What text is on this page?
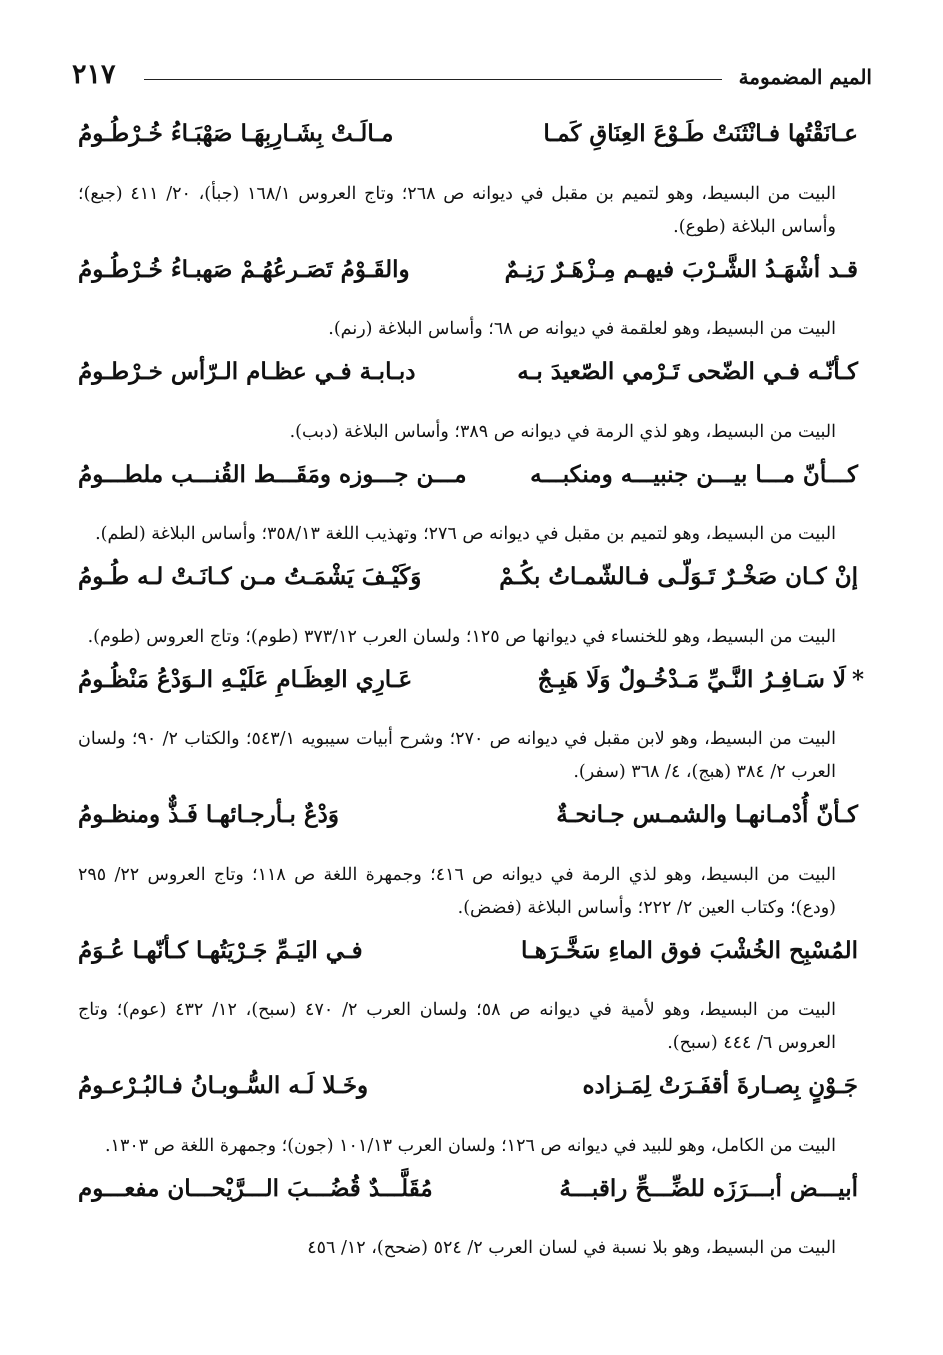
٢١٧	الميم المضمومة
عـانَقْتُها فـانْثَنَتْ طَـوْعَ العِنَاقِ كَمـا
مـالَـتْ بِشَـارِبِهَـا صَهْبَـاءُ خُـرْطُـومُ

البيت من البسيط، وهو لتميم بن مقبل في ديوانه ص ٢٦٨؛ وتاج العروس ١٦٨/١ (جبأ)، ٢٠/ ٤١١ (جبع)؛ وأساس البلاغة (طوع).

قـد أشْهَـدُ الشَّـرْبَ فيهـم مِـزْهَـرٌ رَنِـمٌ
والقَـوْمُ تَصَـرعُهُـمْ صَهبـاءُ خُـرْطُـومُ

البيت من البسيط، وهو لعلقمة في ديوانه ص ٦٨؛ وأساس البلاغة (رنم).

كـأنّـه فـي الضّحى تَـرْمي الصّعيدَ بـه
دبـابـة فـي عظـام الـرّأس خـرْطـومُ

البيت من البسيط، وهو لذي الرمة في ديوانه ص ٣٨٩؛ وأساس البلاغة (دبب).

كـــأنّ مـــا بيـــن جنبيـــه ومنكبـــه
مـــن جـــوزه ومَقَـــط القُنـــب ملطـــومُ

البيت من البسيط، وهو لتميم بن مقبل في ديوانه ص ٢٧٦؛ وتهذيب اللغة ٣٥٨/١٣؛ وأساس البلاغة (لطم).

إنْ كـان صَخْـرٌ تَـوَلّـى فـالشّمـاتُ بكُـمْ
وَكَيْـفَ يَشْمَـتُ مـن كـانَـتْ لـه طُـومُ

البيت من البسيط، وهو للخنساء في ديوانها ص ١٢٥؛ ولسان العرب ٣٧٣/١٢ (طوم)؛ وتاج العروس (طوم).

*لَا سَـافِـرُ النَّـيِّ مَـدْخُـولٌ وَلَا هَبِـجٌ
عَـارِي العِظَـامِ عَلَيْـهِ الـوَدْعُ مَنْظُـومُ

البيت من البسيط، وهو لابن مقبل في ديوانه ص ٢٧٠؛ وشرح أبيات سيبويه ٥٤٣/١؛ والكتاب ٢/ ٩٠؛ ولسان العرب ٢/ ٣٨٤ (هبج)، ٤/ ٣٦٨ (سفر).

كـأنّ أُدْمـانهـا والشمـس جـانحـةٌ
وَدْعٌ بـأرجـائهـا فَـذٌّ ومنظـومُ

البيت من البسيط، وهو لذي الرمة في ديوانه ص ٤١٦؛ وجمهرة اللغة ص ١١٨؛ وتاج العروس ٢٢/ ٢٩٥ (ودع)؛ وكتاب العين ٢/ ٢٢٢؛ وأساس البلاغة (فضض).

المُسْبِح الخُشْبَ فوق الماءِ سَخَّـرَهـا
فـي اليَـمِّ جَـرْيَتُهـا كـأنّهـا عُـوَمُ

البيت من البسيط، وهو لأمية في ديوانه ص ٥٨؛ ولسان العرب ٢/ ٤٧٠ (سبح)، ١٢/ ٤٣٢ (عوم)؛ وتاج العروس ٦/ ٤٤٤ (سبح).

جَـوْنٍ بِصـارةَ أقفَـرَتْ لِمَـزاده
وخَـلا لَـه السُّـوبـانُ فـالبُـرْعـومُ

البيت من الكامل، وهو للبيد في ديوانه ص ١٢٦؛ ولسان العرب ١٠١/١٣ (جون)؛ وجمهرة اللغة ص ١٣٠٣.

أبيـــض أبـــرَزَه للضِّـــحِّ راقبـــهُ
مُقَلَّـــدٌ قُضُـــبَ الـــرَّيْحـــان مفعـــوم

البيت من البسيط، وهو بلا نسبة في لسان العرب ٢/ ٥٢٤ (ضحح)، ١٢/ ٤٥٦
